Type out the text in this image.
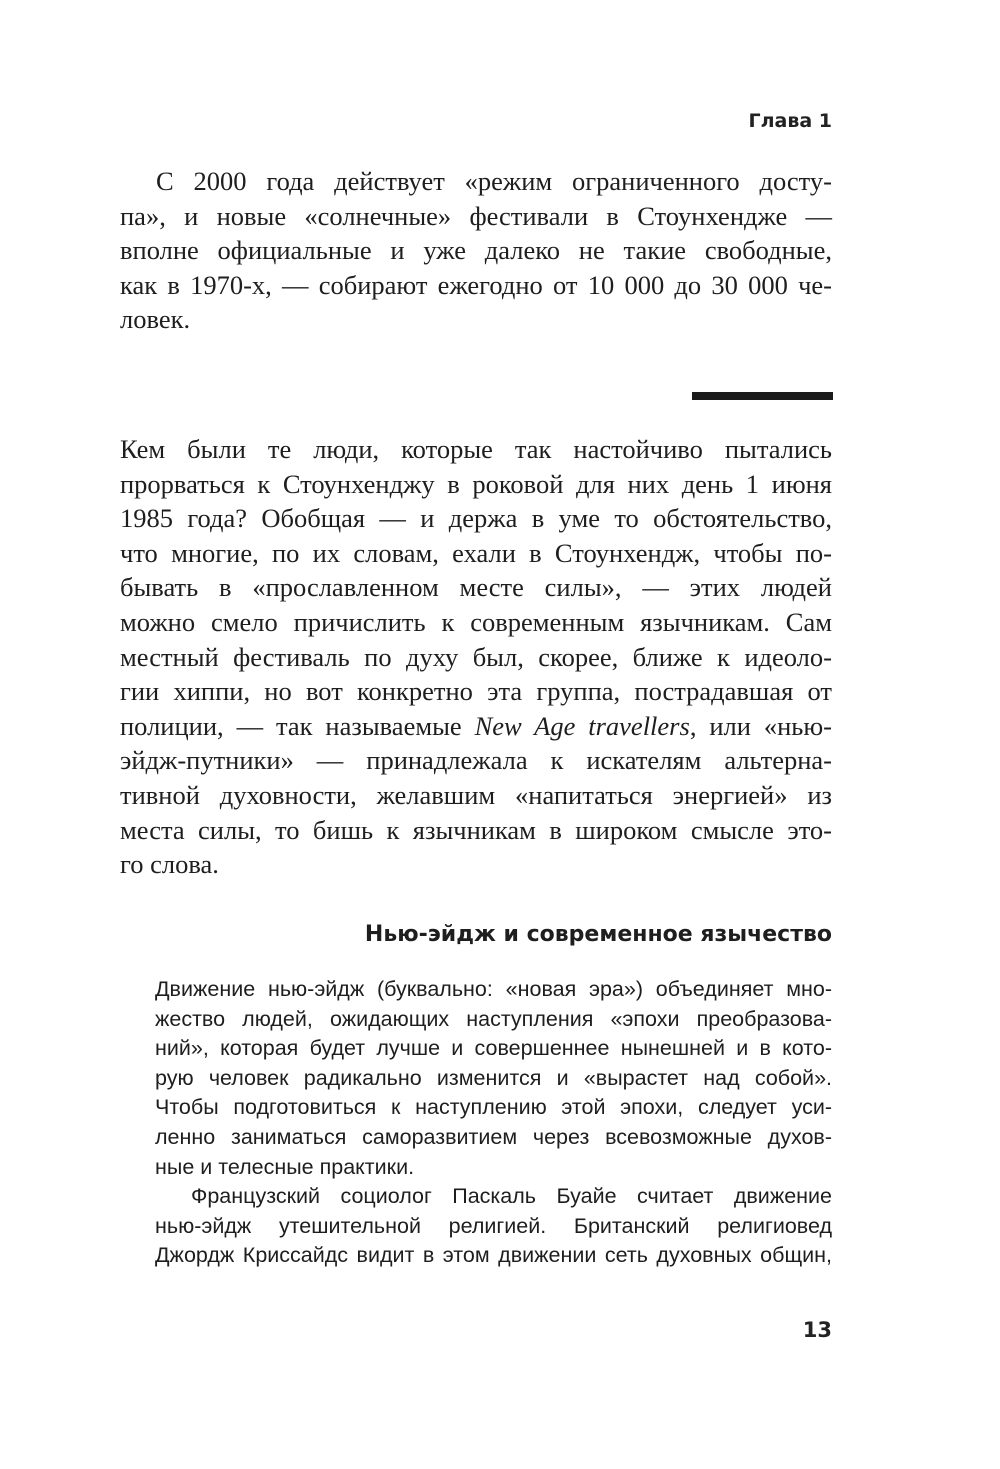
Глава 1
С 2000 года действует «режим ограниченного досту-
па», и новые «солнечные» фестивали в Стоунхендже —
вполне официальные и уже далеко не такие свободные,
как в 1970-х, — собирают ежегодно от 10 000 до 30 000 че-
ловек.
Кем были те люди, которые так настойчиво пытались
прорваться к Стоунхенджу в роковой для них день 1 июня
1985 года? Обобщая — и держа в уме то обстоятельство,
что многие, по их словам, ехали в Стоунхендж, чтобы по-
бывать в «прославленном месте силы», — этих людей
можно смело причислить к современным язычникам. Сам
местный фестиваль по духу был, скорее, ближе к идеоло-
гии хиппи, но вот конкретно эта группа, пострадавшая от
полиции, — так называемые New Age travellers, или «нью-
эйдж-путники» — принадлежала к искателям альтерна-
тивной духовности, желавшим «напитаться энергией» из
места силы, то бишь к язычникам в широком смысле это-
го слова.
Нью-эйдж и современное язычество
Движение нью-эйдж (буквально: «новая эра») объединяет мно-
жество людей, ожидающих наступления «эпохи преобразова-
ний», которая будет лучше и совершеннее нынешней и в кото-
рую человек радикально изменится и «вырастет над собой».
Чтобы подготовиться к наступлению этой эпохи, следует уси-
ленно заниматься саморазвитием через всевозможные духов-
ные и телесные практики.
Французский социолог Паскаль Буайе считает движение
нью-эйдж утешительной религией. Британский религиовед
Джордж Криссайдс видит в этом движении сеть духовных общин,
13
